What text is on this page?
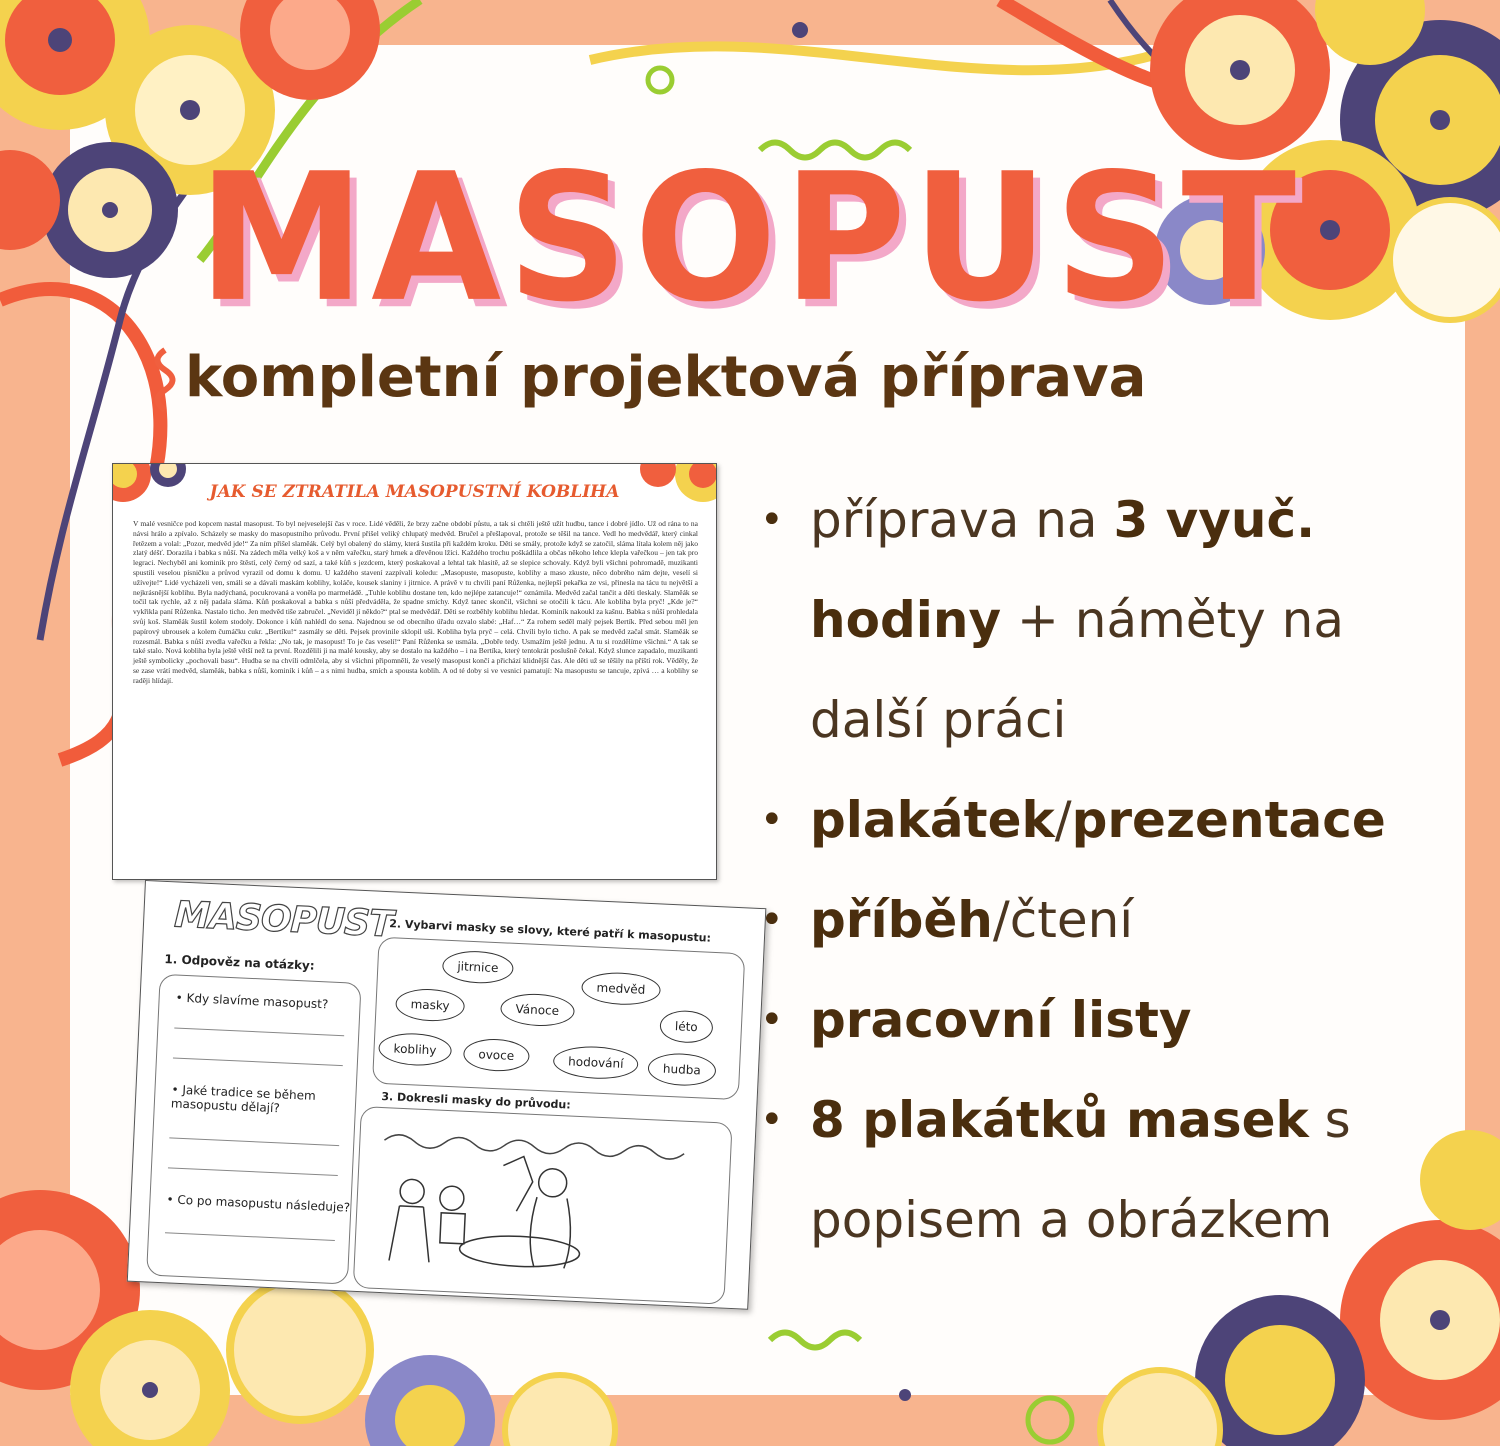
MASOPUST
kompletní projektová příprava
JAK SE ZTRATILA MASOPUSTNÍ KOBLIHA
V malé vesničce pod kopcem nastal masopust. To byl nejveselejší čas v roce. Lidé věděli, že brzy začne období půstu, a tak si chtěli ještě užít hudbu, tance i dobré jídlo. Už od rána to na návsi hrálo a zpívalo. Scházely se masky do masopustního průvodu. První přišel veliký chlupatý medvěd. Bručel a přešlapoval, protože se těšil na tance. Vedl ho medvědář, který cinkal řetězem a volal: „Pozor, medvěd jde!“ Za ním přišel slaměák. Celý byl obalený do slámy, která šustila při každém kroku. Děti se smály, protože když se zatočil, sláma lítala kolem něj jako zlatý déšť. Dorazila i babka s nůší. Na zádech měla velký koš a v něm vařečku, starý hrnek a dřevěnou lžíci. Každého trochu poškádlila a občas někoho lehce klepla vařečkou – jen tak pro legraci. Nechyběl ani kominík pro štěstí, celý černý od sazí, a také kůň s jezdcem, který poskakoval a lehtal tak hlasitě, až se slepice schovaly. Když byli všichni pohromadě, muzikanti spustili veselou písničku a průvod vyrazil od domu k domu. U každého stavení zazpívali koledu: „Masopuste, masopuste, koblihy a maso zkuste, něco dobrého nám dejte, veselí si užívejte!“ Lidé vycházeli ven, smáli se a dávali maskám koblihy, koláče, kousek slaniny i jitrnice. A právě v tu chvíli paní Růženka, nejlepší pekařka ze vsi, přinesla na tácu tu největší a nejkrásnější koblihu. Byla nadýchaná, pocukrovaná a voněla po marmeládě. „Tuhle koblihu dostane ten, kdo nejlépe zatancuje!“ oznámila. Medvěd začal tančit a děti tleskaly. Slaměák se točil tak rychle, až z něj padala sláma. Kůň poskakoval a babka s nůší předváděla, že spadne smíchy. Když tanec skončil, všichni se otočili k tácu. Ale kobliha byla pryč! „Kde je?“ vykřikla paní Růženka. Nastalo ticho. Jen medvěd tiše zabručel. „Neviděl jí někdo?“ ptal se medvědář. Děti se rozběhly koblihu hledat. Kominík nakoukl za kašnu. Babka s nůší prohledala svůj koš. Slaměák šustil kolem stodoly. Dokonce i kůň nahlédl do sena. Najednou se od obecního úřadu ozvalo slabé: „Haf…“ Za rohem seděl malý pejsek Bertík. Před sebou měl jen papírový ubrousek a kolem čumáčku cukr. „Bertíku!“ zasmály se děti. Pejsek provinile sklopil uši. Kobliha byla pryč – celá. Chvíli bylo ticho. A pak se medvěd začal smát. Slaměák se rozesmál. Babka s nůší zvedla vařečku a řekla: „No tak, je masopust! To je čas veselí!“ Paní Růženka se usmála. „Dobře tedy. Usmažím ještě jednu. A tu si rozdělíme všichni.“ A tak se také stalo. Nová kobliha byla ještě větší než ta první. Rozdělili ji na malé kousky, aby se dostalo na každého – i na Bertíka, který tentokrát poslušně čekal. Když slunce zapadalo, muzikanti ještě symbolicky „pochovali basu“. Hudba se na chvíli odmlčela, aby si všichni připomněli, že veselý masopust končí a přichází klidnější čas. Ale děti už se těšily na příští rok. Věděly, že se zase vrátí medvěd, slaměák, babka s nůší, kominík i kůň – a s nimi hudba, smích a spousta koblih. A od té doby si ve vesnici pamatují: Na masopustu se tancuje, zpívá … a koblihy se raději hlídají.
MASOPUST
1. Odpověz na otázky:
• Kdy slavíme masopust?
• Jaké tradice se během masopustu dělají?
• Co po masopustu následuje?
2. Vybarvi masky se slovy, které patří k masopustu:
jitrnice
medvěd
masky	Vánoce
léto
koblihy	ovoce	hodování	hudba
3. Dokresli masky do průvodu:
• příprava na 3 vyuč. hodiny + náměty na další práci
• plakátek/prezentace
• příběh/čtení
• pracovní listy
• 8 plakátků masek s popisem a obrázkem
